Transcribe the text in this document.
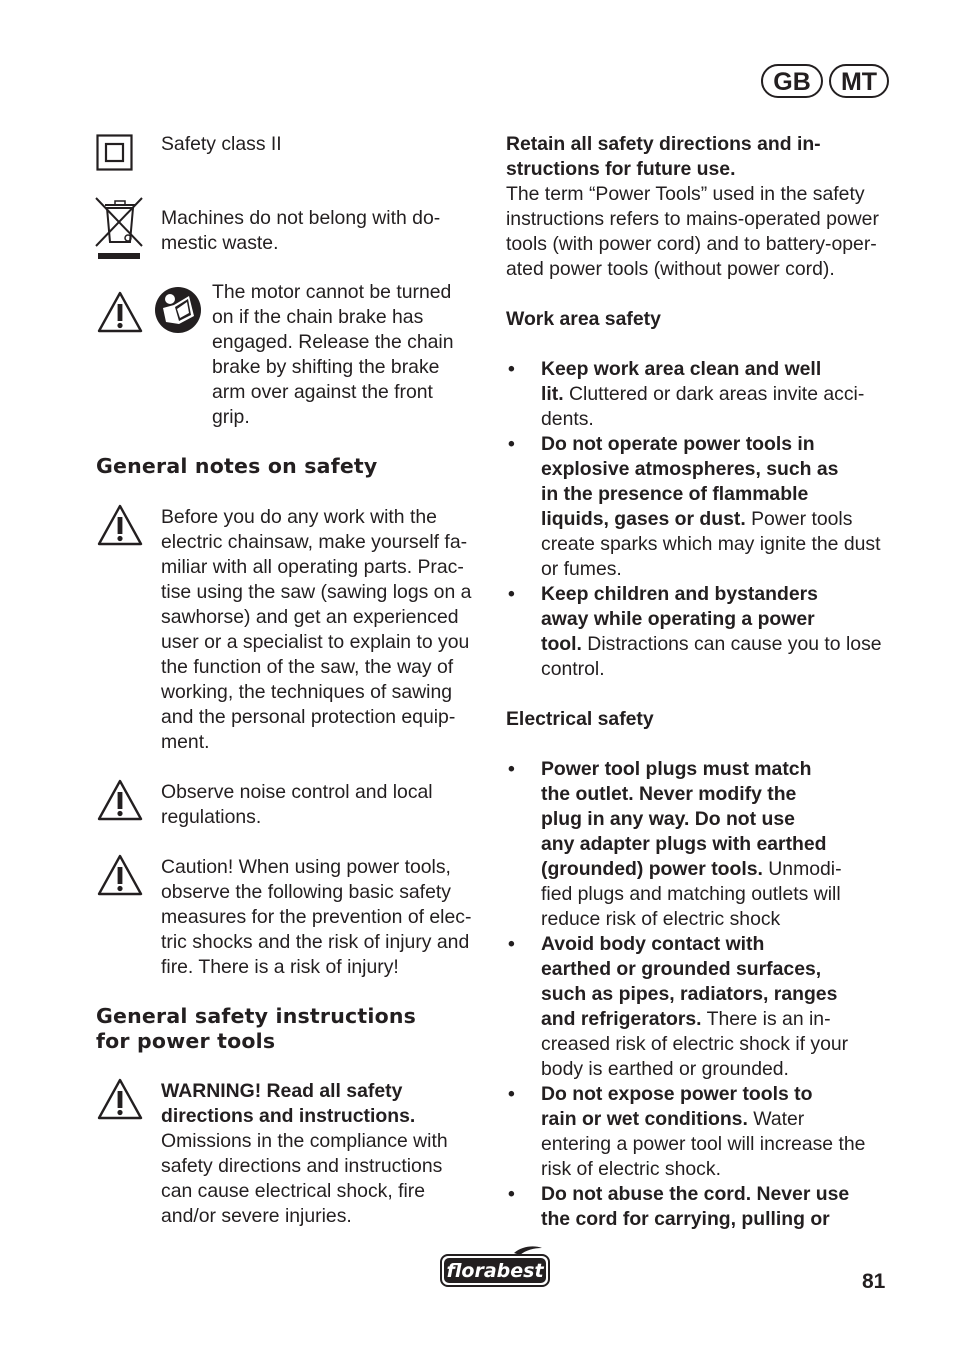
GB	MT
Safety class II
Machines do not belong with do-
mestic waste.
The motor cannot be turned
on if the chain brake has
engaged. Release the chain
brake by shifting the brake
arm over against the front
grip.
General notes on safety
Before you do any work with the
electric chainsaw, make yourself fa-
miliar with all operating parts. Prac-
tise using the saw (sawing logs on a
sawhorse) and get an experienced
user or a specialist to explain to you
the function of the saw, the way of
working, the techniques of sawing
and the personal protection equip-
ment.
Observe noise control and local
regulations.
Caution! When using power tools,
observe the following basic safety
measures for the prevention of elec-
tric shocks and the risk of injury and
fire. There is a risk of injury!
General safety instructions
for power tools
WARNING! Read all safety
directions and instructions.
Omissions in the compliance with
safety directions and instructions
can cause electrical shock, fire
and/or severe injuries.
Retain all safety directions and in-
structions for future use.
The term “Power Tools” used in the safety
instructions refers to mains-operated power
tools (with power cord) and to battery-oper-
ated power tools (without power cord).
Work area safety
• Keep work area clean and well
lit. Cluttered or dark areas invite acci-
dents.
• Do not operate power tools in
explosive atmospheres, such as
in the presence of flammable
liquids, gases or dust. Power tools
create sparks which may ignite the dust
or fumes.
• Keep children and bystanders
away while operating a power
tool. Distractions can cause you to lose
control.
Electrical safety
• Power tool plugs must match
the outlet. Never modify the
plug in any way. Do not use
any adapter plugs with earthed
(grounded) power tools. Unmodi-
fied plugs and matching outlets will
reduce risk of electric shock
• Avoid body contact with
earthed or grounded surfaces,
such as pipes, radiators, ranges
and refrigerators. There is an in-
creased risk of electric shock if your
body is earthed or grounded.
• Do not expose power tools to
rain or wet conditions. Water
entering a power tool will increase the
risk of electric shock.
• Do not abuse the cord. Never use
the cord for carrying, pulling or
florabest	81
